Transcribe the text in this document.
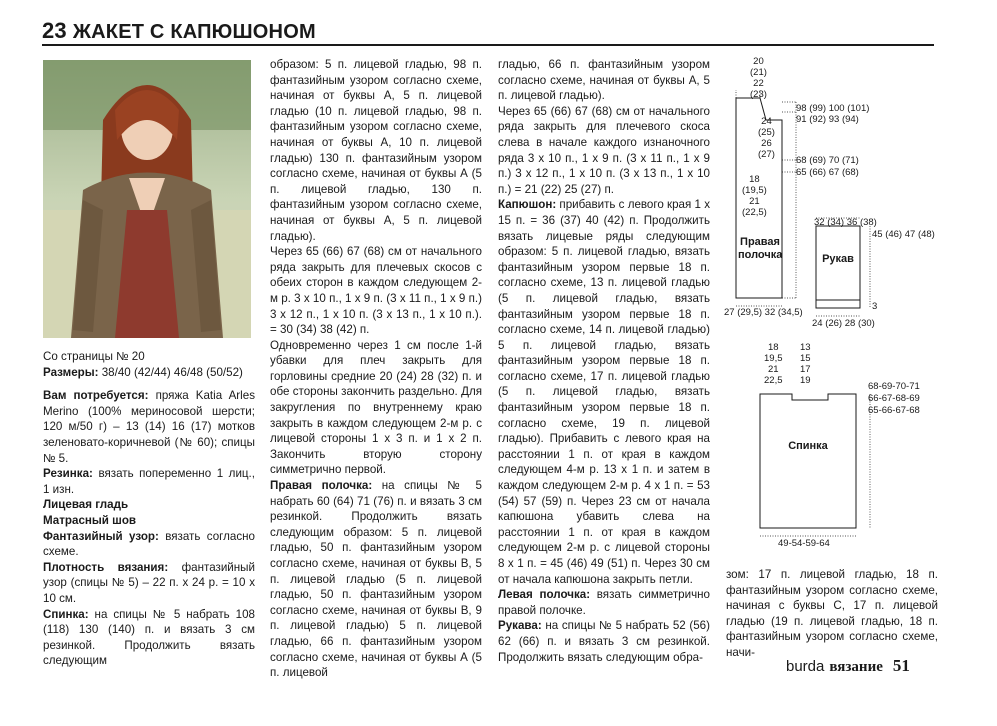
23 ЖАКЕТ С КАПЮШОНОМ

Со страницы № 20

Размеры: 38/40 (42/44) 46/48 (50/52)

Вам потребуется: пряжа Katia Arles Merino (100% мериносовой шерсти; 120 м/50 г) – 13 (14) 16 (17) мотков зеленовато-коричневой (№ 60); спицы № 5.

Резинка: вязать попеременно 1 лиц., 1 изн.

Лицевая гладь

Матрасный шов

Фантазийный узор: вязать согласно схеме.

Плотность вязания: фантазийный узор (спицы № 5) – 22 п. х 24 р. = 10 х 10 см.

Спинка: на спицы № 5 набрать 108 (118) 130 (140) п. и вязать 3 см резинкой. Продолжить вязать следующим

образом: 5 п. лицевой гладью, 98 п. фантазийным узором согласно схеме, начиная от буквы А, 5 п. лицевой гладью (10 п. лицевой гладью, 98 п. фантазийным узором согласно схеме, начиная от буквы А, 10 п. лицевой гладью) 130 п. фантазийным узором согласно схеме, начиная от буквы А (5 п. лицевой гладью, 130 п. фантазийным узором согласно схеме, начиная от буквы А, 5 п. лицевой гладью).

Через 65 (66) 67 (68) см от начального ряда закрыть для плечевых скосов с обеих сторон в каждом следующем 2-м р. 3 х 10 п., 1 х 9 п. (3 х 11 п., 1 х 9 п.) 3 х 12 п., 1 х 10 п. (3 х 13 п., 1 х 10 п.). = 30 (34) 38 (42) п.

Одновременно через 1 см после 1-й убавки для плеч закрыть для горловины средние 20 (24) 28 (32) п. и обе стороны закончить раздельно. Для закругления по внутреннему краю закрыть в каждом следующем 2-м р. с лицевой стороны 1 х 3 п. и 1 х 2 п. Закончить вторую сторону симметрично первой.

Правая полочка: на спицы № 5 набрать 60 (64) 71 (76) п. и вязать 3 см резинкой. Продолжить вязать следующим образом: 5 п. лицевой гладью, 50 п. фантазийным узором согласно схеме, начиная от буквы В, 5 п. лицевой гладью (5 п. лицевой гладью, 50 п. фантазийным узором согласно схеме, начиная от буквы В, 9 п. лицевой гладью) 5 п. лицевой гладью, 66 п. фантазийным узором согласно схеме, начиная от буквы А (5 п. лицевой

гладью, 66 п. фантазийным узором согласно схеме, начиная от буквы А, 5 п. лицевой гладью).

Через 65 (66) 67 (68) см от начального ряда закрыть для плечевого скоса слева в начале каждого изнаночного ряда 3 х 10 п., 1 х 9 п. (3 х 11 п., 1 х 9 п.) 3 х 12 п., 1 х 10 п. (3 х 13 п., 1 х 10 п.) = 21 (22) 25 (27) п.

Капюшон: прибавить с левого края 1 х 15 п. = 36 (37) 40 (42) п. Продолжить вязать лицевые ряды следующим образом: 5 п. лицевой гладью, вязать фантазийным узором первые 18 п. согласно схеме, 13 п. лицевой гладью (5 п. лицевой гладью, вязать фантазийным узором первые 18 п. согласно схеме, 14 п. лицевой гладью) 5 п. лицевой гладью, вязать фантазийным узором первые 18 п. согласно схеме, 17 п. лицевой гладью (5 п. лицевой гладью, вязать фантазийным узором первые 18 п. согласно схеме, 19 п. лицевой гладью). Прибавить с левого края на расстоянии 1 п. от края в каждом следующем 4-м р. 13 х 1 п. и затем в каждом следующем 2-м р. 4 х 1 п. = 53 (54) 57 (59) п. Через 23 см от начала капюшона убавить слева на расстоянии 1 п. от края в каждом следующем 2-м р. с лицевой стороны 8 х 1 п. = 45 (46) 49 (51) п. Через 30 см от начала капюшона закрыть петли.

Левая полочка: вязать симметрично правой полочке.

Рукава: на спицы № 5 набрать 52 (56) 62 (66) п. и вязать 3 см резинкой. Продолжить вязать следующим обра-

зом: 17 п. лицевой гладью, 18 п. фантазийным узором согласно схеме, начиная с буквы С, 17 п. лицевой гладью (19 п. лицевой гладью, 18 п. фантазийным узором согласно схеме, начи-

20
(21)
22
(23)
98 (99) 100 (101)
91 (92) 93 (94)
24
(25)
26
(27)
68 (69) 70 (71)
65 (66) 67 (68)
18
(19,5)
21
(22,5)
Правая
полочка
27 (29,5) 32 (34,5)
32 (34) 36 (38)
45 (46) 47 (48)
Рукав
3
24 (26) 28 (30)
18
19,5
21
22,5
13
15
17
19
68-69-70-71
66-67-68-69
65-66-67-68
Спинка
49-54-59-64
burda вязание 51
